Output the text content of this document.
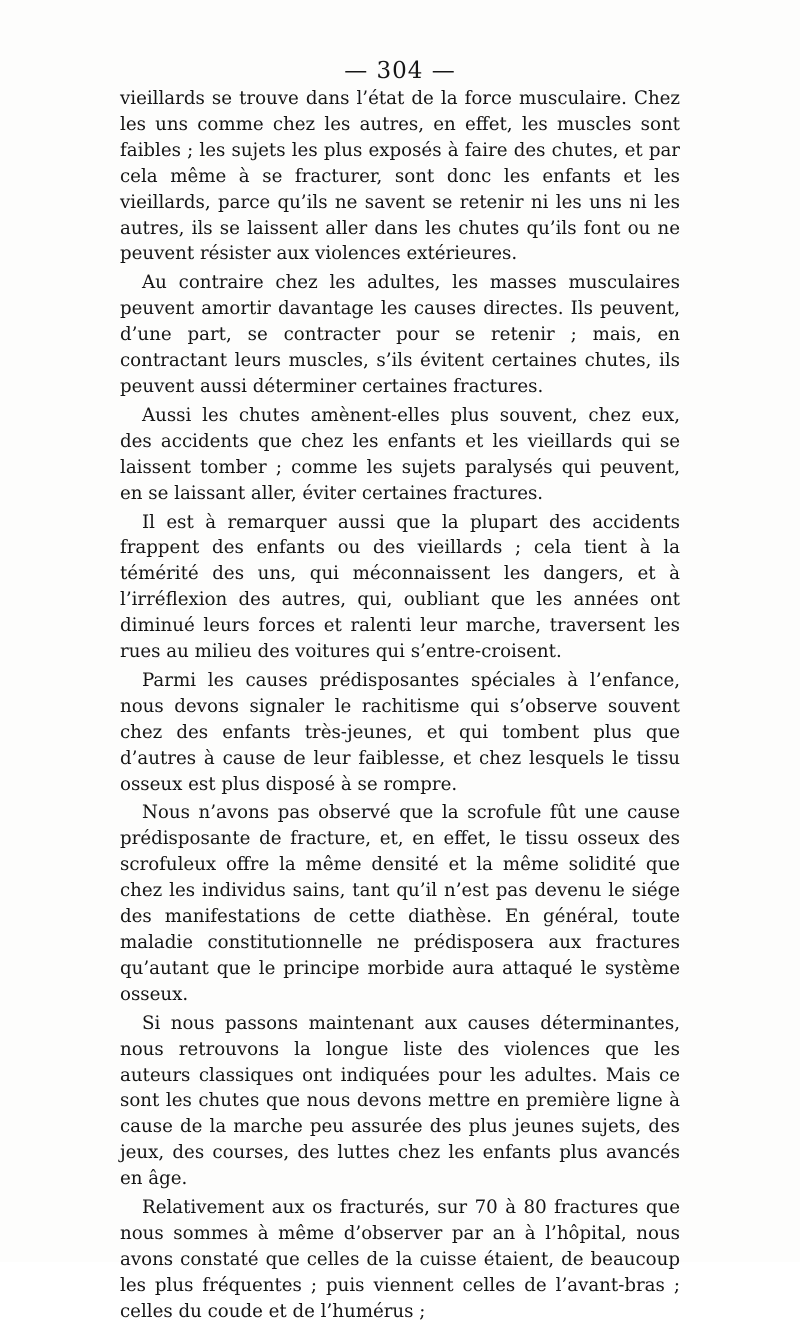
— 304 —

vieillards se trouve dans l’état de la force musculaire. Chez les uns comme chez les autres, en effet, les muscles sont faibles ; les sujets les plus exposés à faire des chutes, et par cela même à se fracturer, sont donc les enfants et les vieillards, parce qu’ils ne savent se retenir ni les uns ni les autres, ils se laissent aller dans les chutes qu’ils font ou ne peuvent résister aux violences extérieures.

Au contraire chez les adultes, les masses musculaires peuvent amortir davantage les causes directes. Ils peuvent, d’une part, se contracter pour se retenir ; mais, en contractant leurs muscles, s’ils évitent certaines chutes, ils peuvent aussi déterminer certaines fractures.

Aussi les chutes amènent-elles plus souvent, chez eux, des accidents que chez les enfants et les vieillards qui se laissent tomber ; comme les sujets paralysés qui peuvent, en se laissant aller, éviter certaines fractures.

Il est à remarquer aussi que la plupart des accidents frappent des enfants ou des vieillards ; cela tient à la témérité des uns, qui méconnaissent les dangers, et à l’irréflexion des autres, qui, oubliant que les années ont diminué leurs forces et ralenti leur marche, traversent les rues au milieu des voitures qui s’entre-croisent.

Parmi les causes prédisposantes spéciales à l’enfance, nous devons signaler le rachitisme qui s’observe souvent chez des enfants très-jeunes, et qui tombent plus que d’autres à cause de leur faiblesse, et chez lesquels le tissu osseux est plus disposé à se rompre.

Nous n’avons pas observé que la scrofule fût une cause prédisposante de fracture, et, en effet, le tissu osseux des scrofuleux offre la même densité et la même solidité que chez les individus sains, tant qu’il n’est pas devenu le siége des manifestations de cette diathèse. En général, toute maladie constitutionnelle ne prédisposera aux fractures qu’autant que le principe morbide aura attaqué le système osseux.

Si nous passons maintenant aux causes déterminantes, nous retrouvons la longue liste des violences que les auteurs classiques ont indiquées pour les adultes. Mais ce sont les chutes que nous devons mettre en première ligne à cause de la marche peu assurée des plus jeunes sujets, des jeux, des courses, des luttes chez les enfants plus avancés en âge.

Relativement aux os fracturés, sur 70 à 80 fractures que nous sommes à même d’observer par an à l’hôpital, nous avons constaté que celles de la cuisse étaient, de beaucoup les plus fréquentes ; puis viennent celles de l’avant-bras ; celles du coude et de l’humérus ;
